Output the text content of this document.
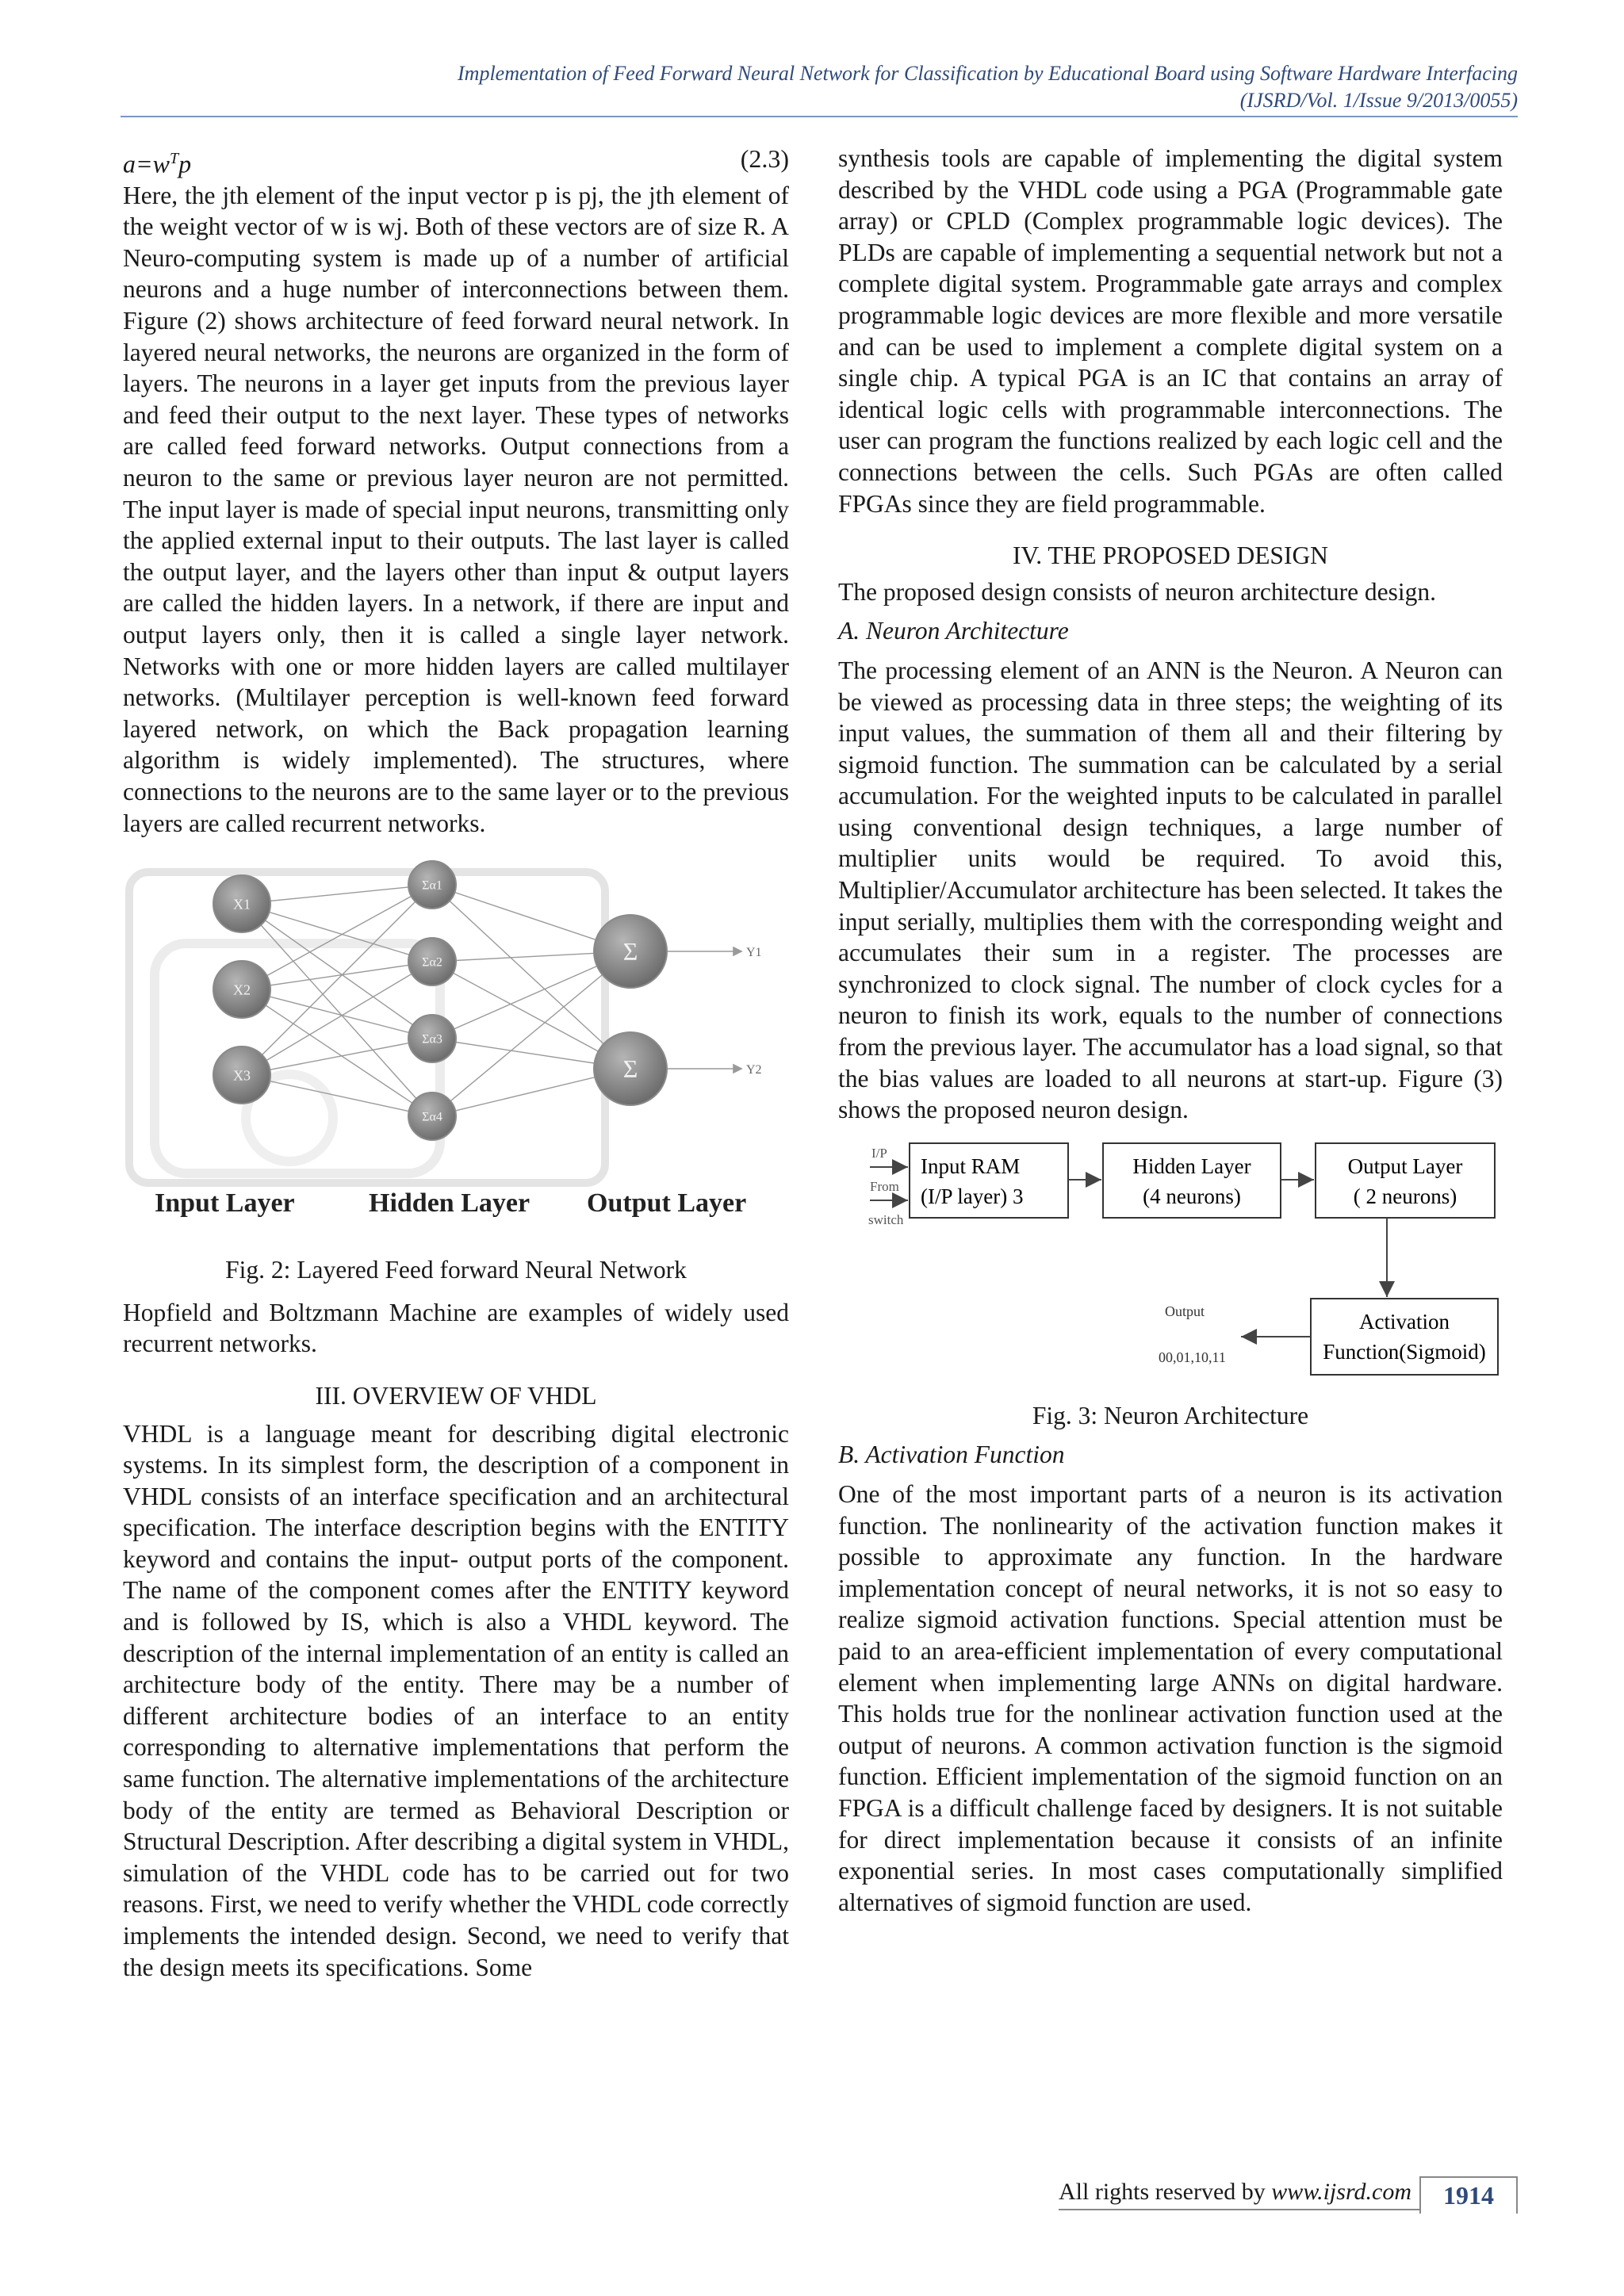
Implementation of Feed Forward Neural Network for Classification by Educational Board using Software Hardware Interfacing
(IJSRD/Vol. 1/Issue 9/2013/0055)
$a=w^Tp$	(2.3)

Here, the jth element of the input vector p is pj, the jth element of the weight vector of w is wj. Both of these vectors are of size R. A Neuro-computing system is made up of a number of artificial neurons and a huge number of interconnections between them. Figure (2) shows architecture of feed forward neural network. In layered neural networks, the neurons are organized in the form of layers. The neurons in a layer get inputs from the previous layer and feed their output to the next layer. These types of networks are called feed forward networks. Output connections from a neuron to the same or previous layer neuron are not permitted. The input layer is made of special input neurons, transmitting only the applied external input to their outputs. The last layer is called the output layer, and the layers other than input & output layers are called the hidden layers. In a network, if there are input and output layers only, then it is called a single layer network. Networks with one or more hidden layers are called multilayer networks. (Multilayer perception is well-known feed forward layered network, on which the Back propagation learning algorithm is widely implemented). The structures, where connections to the neurons are to the same layer or to the previous layers are called recurrent networks.

Y1
Y2
X1
X2
X3
Σα1
Σα2
Σα3
Σα4
Σ
Σ
Input Layer	Hidden Layer Output Layer

Fig. 2: Layered Feed forward Neural Network

Hopfield and Boltzmann Machine are examples of widely used recurrent networks.

III. OVERVIEW OF VHDL

VHDL is a language meant for describing digital electronic systems. In its simplest form, the description of a component in VHDL consists of an interface specification and an architectural specification. The interface description begins with the ENTITY keyword and contains the input- output ports of the component. The name of the component comes after the ENTITY keyword and is followed by IS, which is also a VHDL keyword. The description of the internal implementation of an entity is called an architecture body of the entity. There may be a number of different architecture bodies of an interface to an entity corresponding to alternative implementations that perform the same function. The alternative implementations of the architecture body of the entity are termed as Behavioral Description or Structural Description. After describing a digital system in VHDL, simulation of the VHDL code has to be carried out for two reasons. First, we need to verify whether the VHDL code correctly implements the intended design. Second, we need to verify that the design meets its specifications. Some

synthesis tools are capable of implementing the digital system described by the VHDL code using a PGA (Programmable gate array) or CPLD (Complex programmable logic devices). The PLDs are capable of implementing a sequential network but not a complete digital system. Programmable gate arrays and complex programmable logic devices are more flexible and more versatile and can be used to implement a complete digital system on a single chip. A typical PGA is an IC that contains an array of identical logic cells with programmable interconnections. The user can program the functions realized by each logic cell and the connections between the cells. Such PGAs are often called FPGAs since they are field programmable.

IV. THE PROPOSED DESIGN

The proposed design consists of neuron architecture design.

A. Neuron Architecture

The processing element of an ANN is the Neuron. A Neuron can be viewed as processing data in three steps; the weighting of its input values, the summation of them all and their filtering by sigmoid function. The summation can be calculated by a serial accumulation. For the weighted inputs to be calculated in parallel using conventional design techniques, a large number of multiplier units would be required. To avoid this, Multiplier/Accumulator architecture has been selected. It takes the input serially, multiplies them with the corresponding weight and accumulates their sum in a register. The processes are synchronized to clock signal. The number of clock cycles for a neuron to finish its work, equals to the number of connections from the previous layer. The accumulator has a load signal, so that the bias values are loaded to all neurons at start-up. Figure (3) shows the proposed neuron design.

I/P
From
switch
Input RAM
(I/P layer) 3
Hidden Layer
(4 neurons)
Output Layer
( 2 neurons)
Activation
Function(Sigmoid)
Output
00,01,10,11

Fig. 3: Neuron Architecture

B. Activation Function

One of the most important parts of a neuron is its activation function. The nonlinearity of the activation function makes it possible to approximate any function. In the hardware implementation concept of neural networks, it is not so easy to realize sigmoid activation functions. Special attention must be paid to an area-efficient implementation of every computational element when implementing large ANNs on digital hardware. This holds true for the nonlinear activation function used at the output of neurons. A common activation function is the sigmoid function. Efficient implementation of the sigmoid function on an FPGA is a difficult challenge faced by designers. It is not suitable for direct implementation because it consists of an infinite exponential series. In most cases computationally simplified alternatives of sigmoid function are used.

All rights reserved by www.ijsrd.com	1914
